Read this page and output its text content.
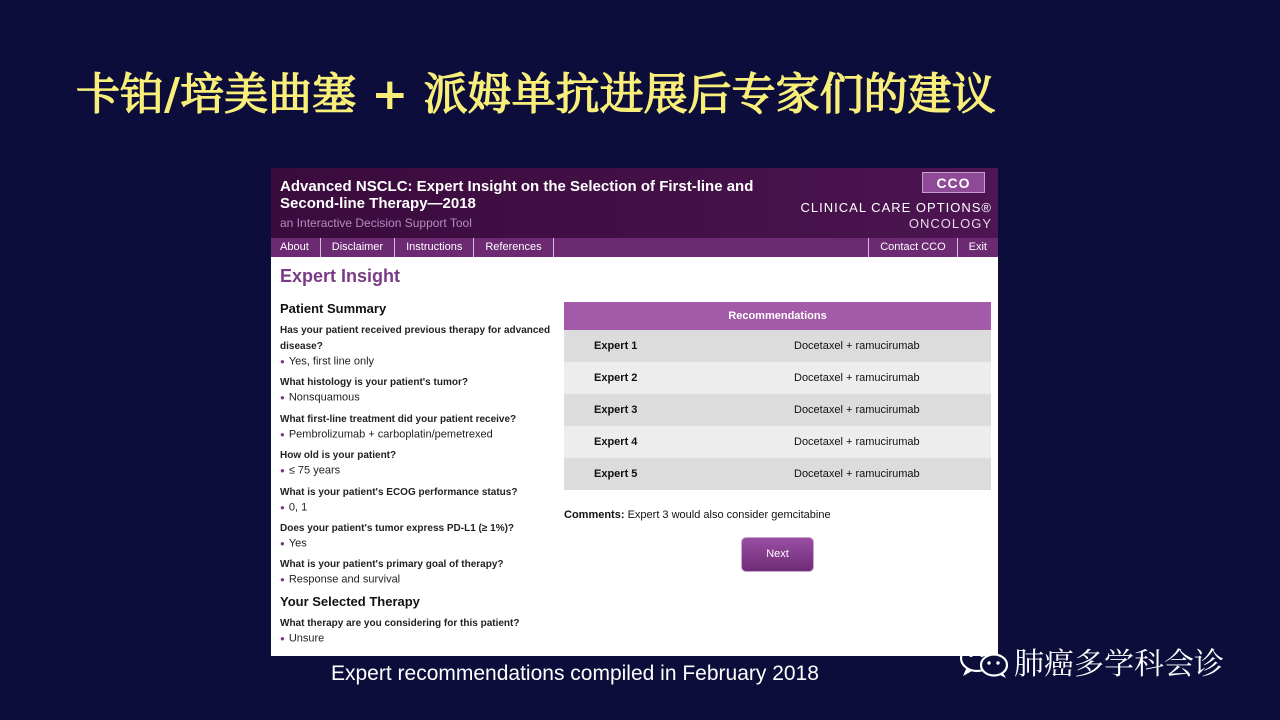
卡铂/培美曲塞 + 派姆单抗进展后专家们的建议
Advanced NSCLC: Expert Insight on the Selection of First-line and Second-line Therapy—2018
an Interactive Decision Support Tool
CCO
CLINICAL CARE OPTIONS®
ONCOLOGY
About	Disclaimer	Instructions	References	Contact CCO	Exit
Expert Insight
Patient Summary
Has your patient received previous therapy for advanced disease?
● Yes, first line only
What histology is your patient's tumor?
● Nonsquamous
What first-line treatment did your patient receive?
● Pembrolizumab + carboplatin/pemetrexed
How old is your patient?
● ≤ 75 years
What is your patient's ECOG performance status?
● 0, 1
Does your patient's tumor express PD-L1 (≥ 1%)?
● Yes
What is your patient's primary goal of therapy?
● Response and survival
Your Selected Therapy
What therapy are you considering for this patient?
● Unsure
Recommendations	
Expert 1	Docetaxel + ramucirumab
Expert 2	Docetaxel + ramucirumab
Expert 3	Docetaxel + ramucirumab
Expert 4	Docetaxel + ramucirumab
Expert 5	Docetaxel + ramucirumab
Comments: Expert 3 would also consider gemcitabine
Next
Expert recommendations compiled in February 2018	肺癌多学科会诊
